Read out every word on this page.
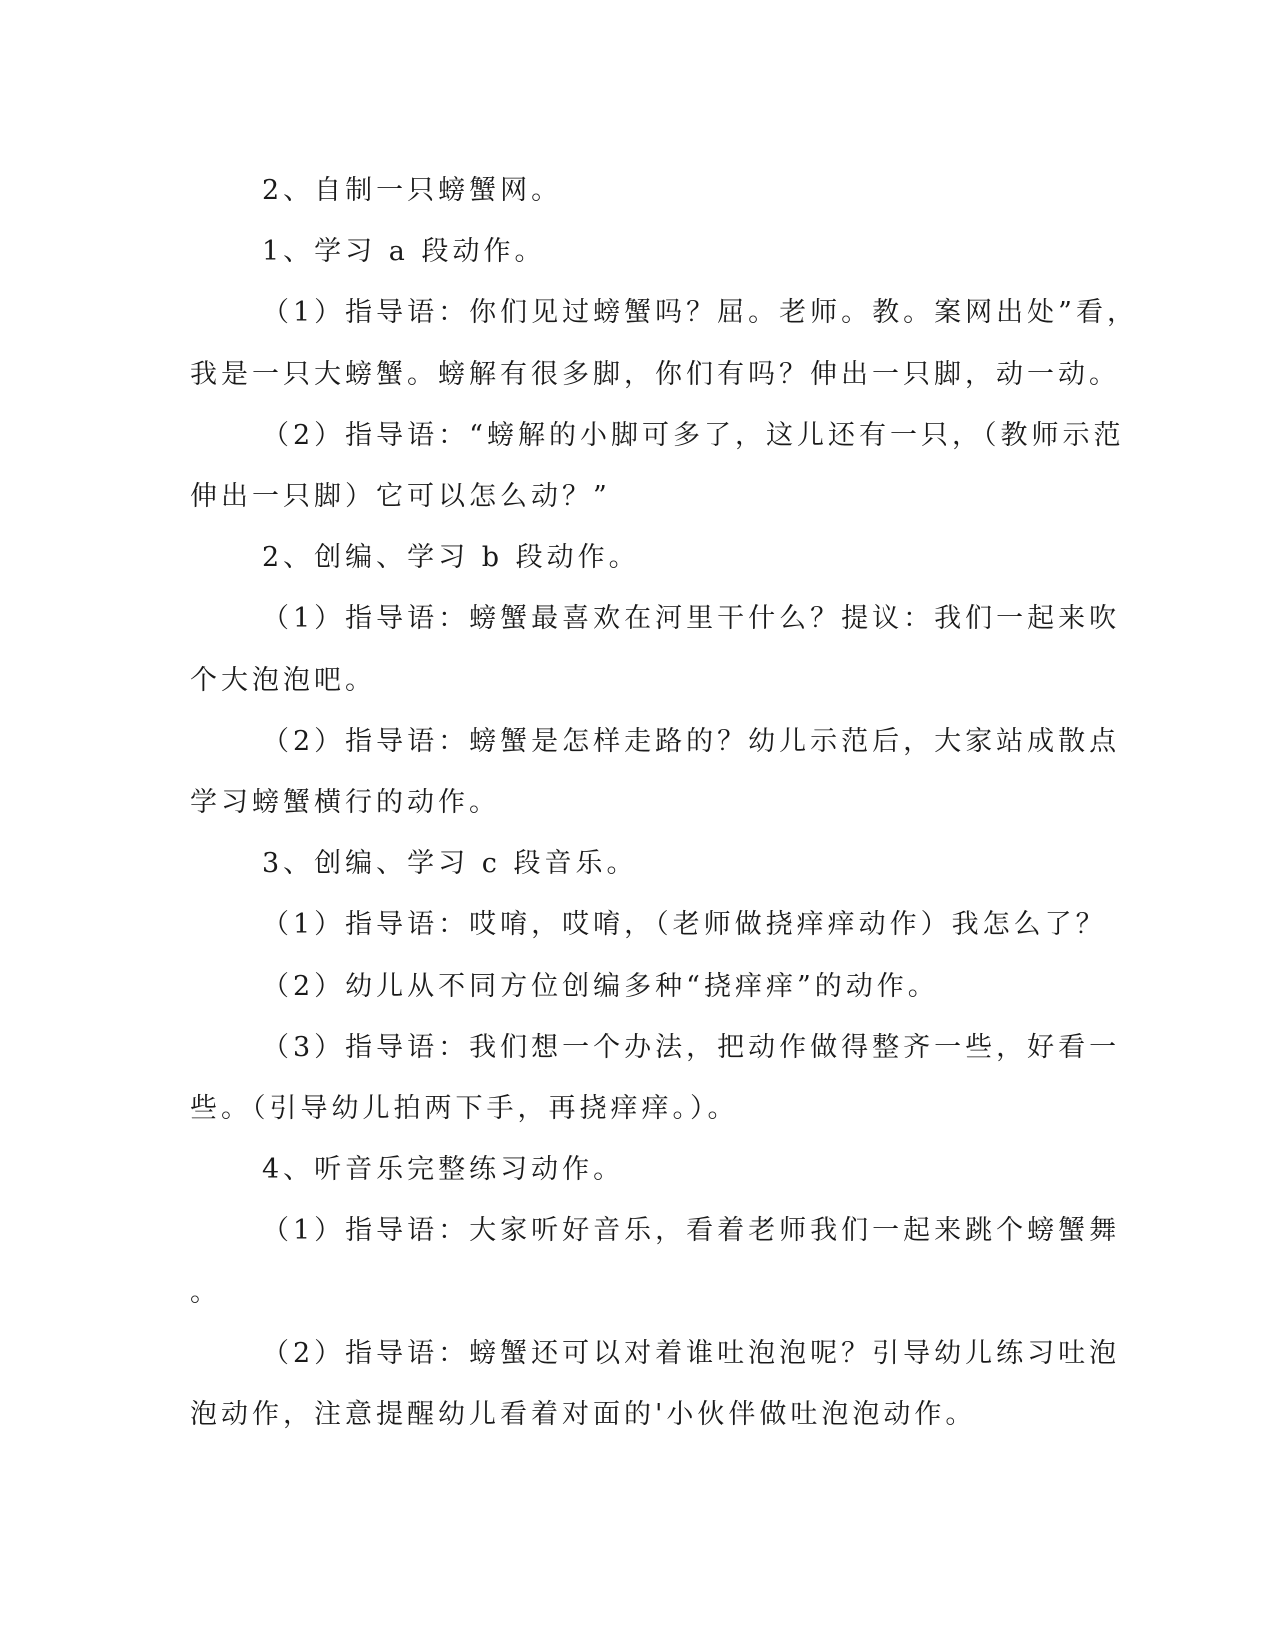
2、自制一只螃蟹网。

1、学习 a 段动作。

（1）指导语：你们见过螃蟹吗？屈。老师。教。案网出处”看，

我是一只大螃蟹。螃解有很多脚，你们有吗？伸出一只脚，动一动。

（2）指导语：“螃解的小脚可多了，这儿还有一只，（教师示范

伸出一只脚）它可以怎么动？”

2、创编、学习 b 段动作。

（1）指导语：螃蟹最喜欢在河里干什么？提议：我们一起来吹

个大泡泡吧。

（2）指导语：螃蟹是怎样走路的？幼儿示范后，大家站成散点

学习螃蟹横行的动作。

3、创编、学习 c 段音乐。

（1）指导语：哎唷，哎唷，（老师做挠痒痒动作）我怎么了？

（2）幼儿从不同方位创编多种“挠痒痒”的动作。

（3）指导语：我们想一个办法，把动作做得整齐一些，好看一

些。（引导幼儿拍两下手，再挠痒痒。）。

4、听音乐完整练习动作。

（1）指导语：大家听好音乐，看着老师我们一起来跳个螃蟹舞

。

（2）指导语：螃蟹还可以对着谁吐泡泡呢？引导幼儿练习吐泡

泡动作，注意提醒幼儿看着对面的'小伙伴做吐泡泡动作。
